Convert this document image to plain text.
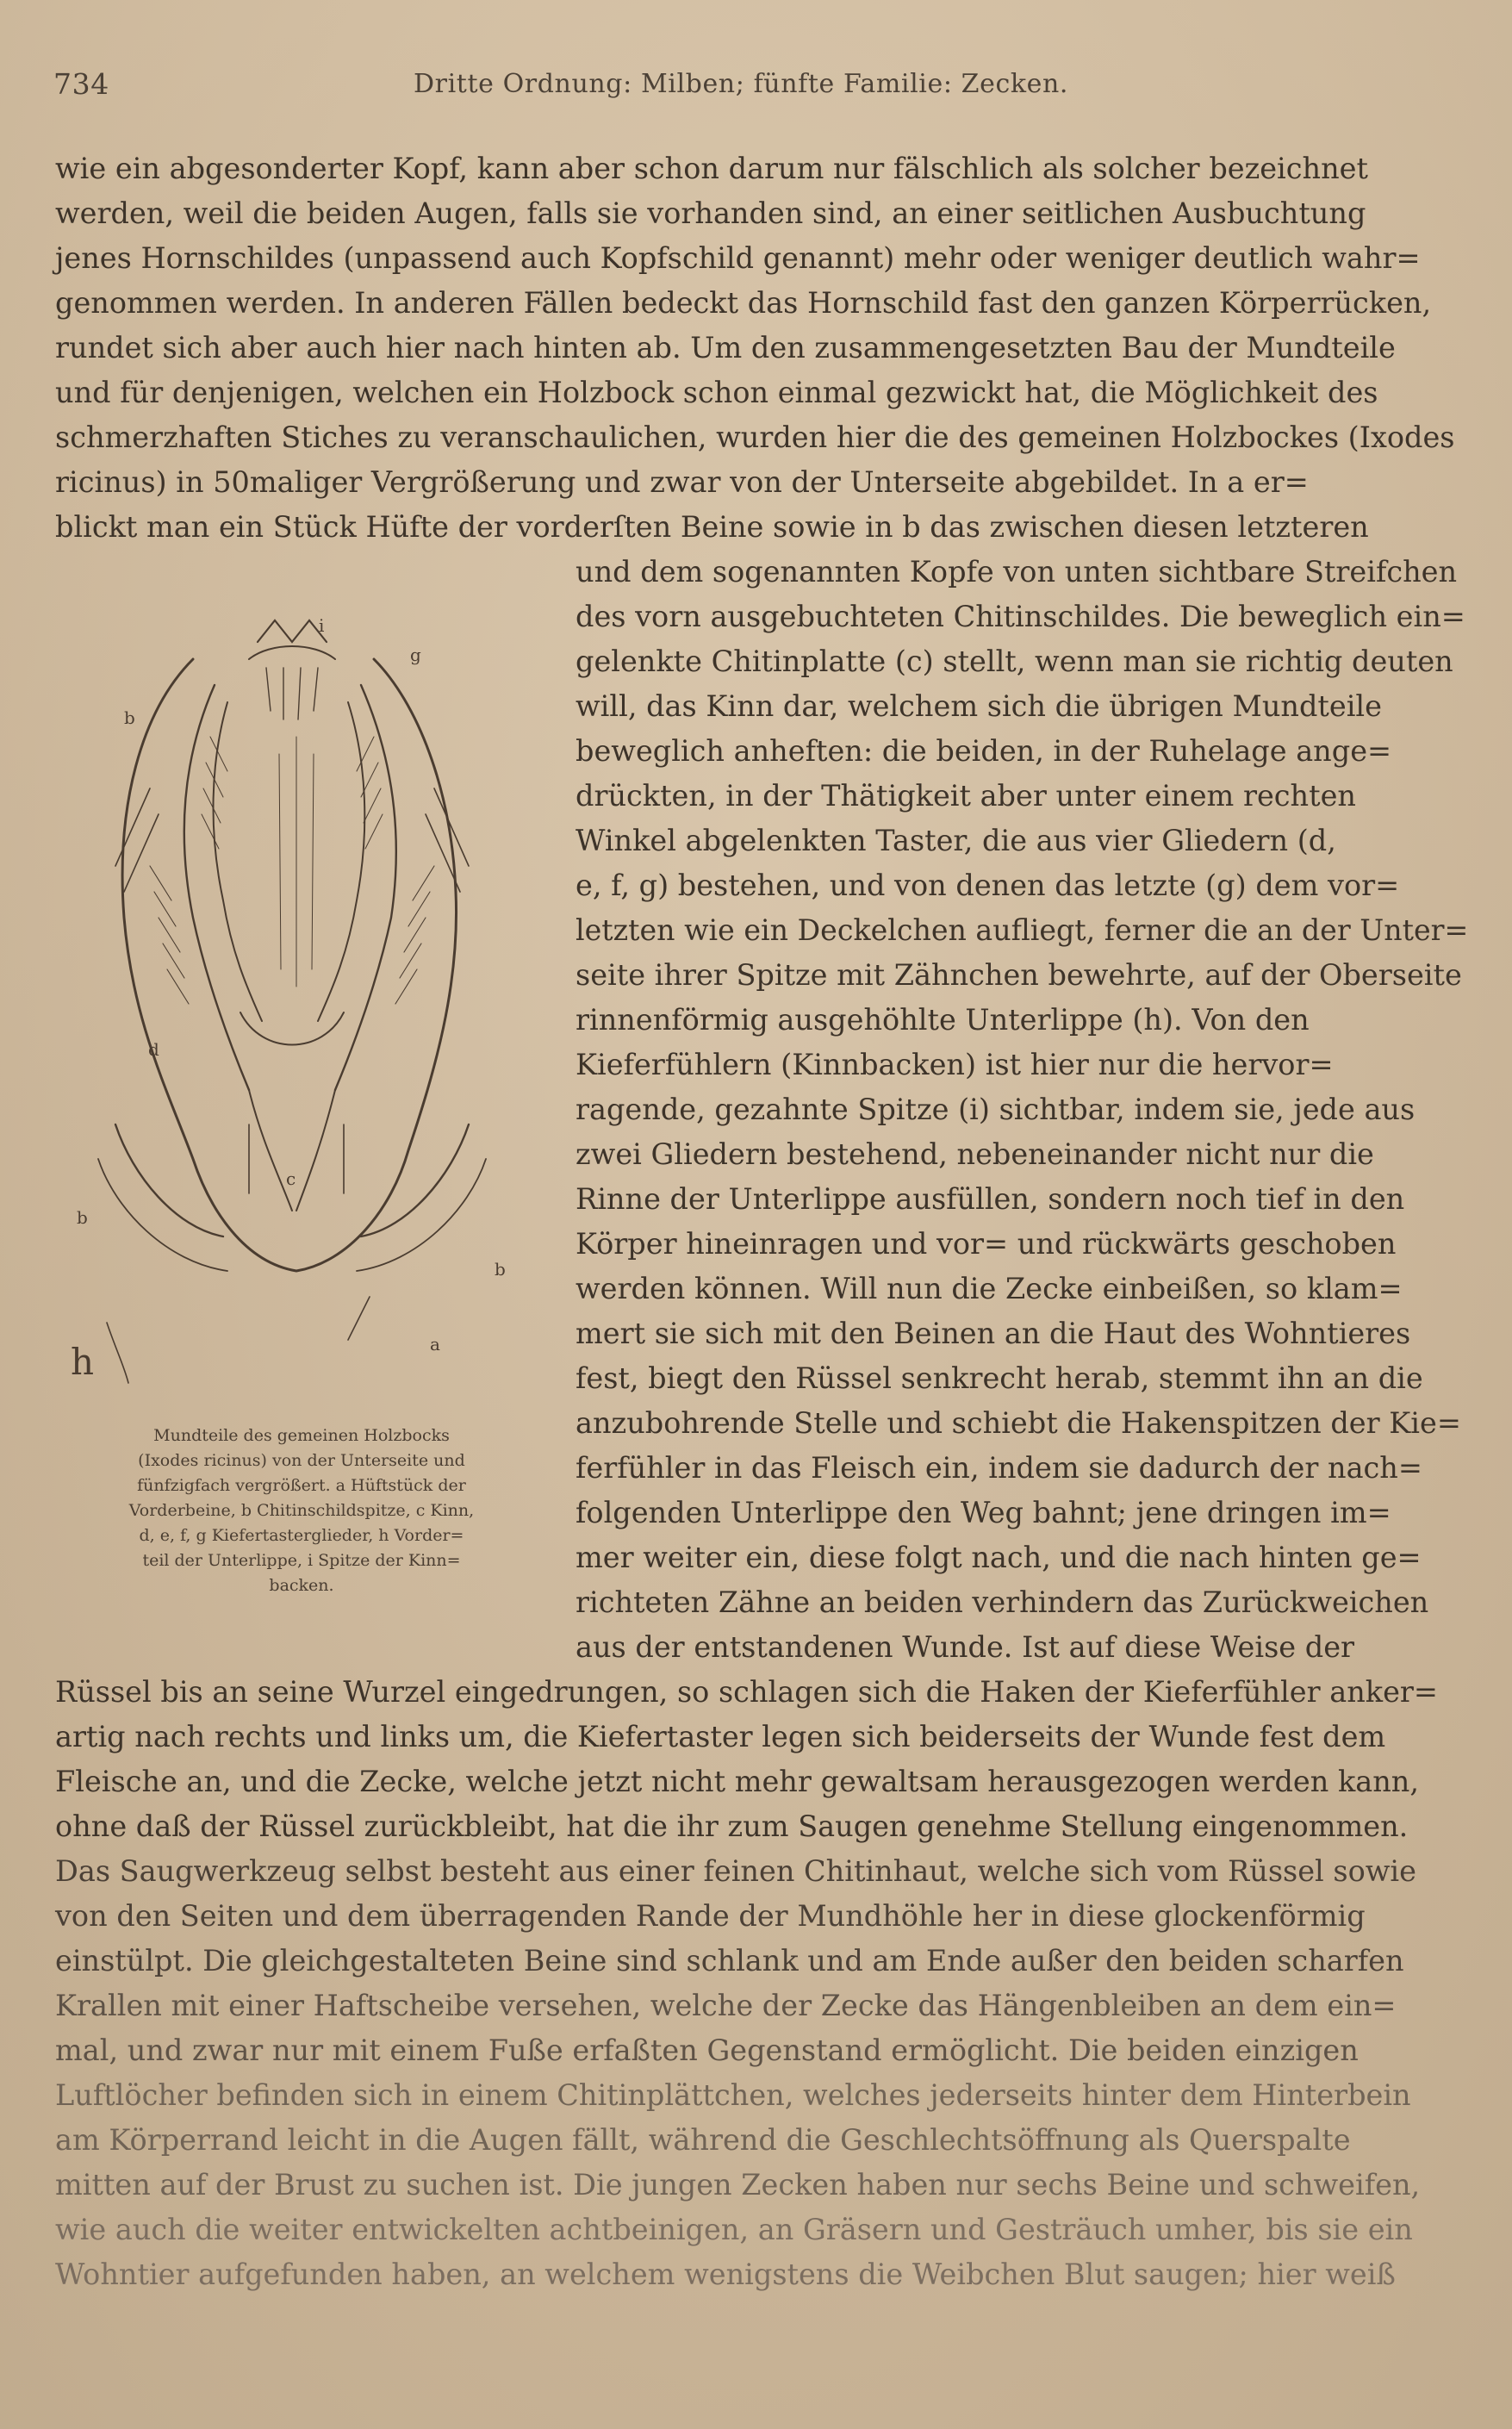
734	Dritte Ordnung: Milben; fünfte Familie: Zecken.
wie ein abgesonderter Kopf, kann aber schon darum nur fälschlich als solcher bezeichnet
werden, weil die beiden Augen, falls sie vorhanden sind, an einer seitlichen Ausbuchtung
jenes Hornschildes (unpassend auch Kopfschild genannt) mehr oder weniger deutlich wahr=
genommen werden. In anderen Fällen bedeckt das Hornschild fast den ganzen Körperrücken,
rundet sich aber auch hier nach hinten ab. Um den zusammengesetzten Bau der Mundteile
und für denjenigen, welchen ein Holzbock schon einmal gezwickt hat, die Möglichkeit des
schmerzhaften Stiches zu veranschaulichen, wurden hier die des gemeinen Holzbockes (Ixodes
ricinus) in 50maliger Vergrößerung und zwar von der Unterseite abgebildet. In a er=
blickt man ein Stück Hüfte der vorderſten Beine sowie in b das zwischen diesen letzteren
i
g
b
d
c
b
b
a
h
Mundteile des gemeinen Holzbocks
(Ixodes ricinus) von der Unterseite und
fünfzigfach vergrößert. a Hüftstück der
Vorderbeine, b Chitinschildspitze, c Kinn,
d, e, f, g Kiefertasterglieder, h Vorder=
teil der Unterlippe, i Spitze der Kinn=
backen.
und dem sogenannten Kopfe von unten sichtbare Streifchen
des vorn ausgebuchteten Chitinschildes. Die beweglich ein=
gelenkte Chitinplatte (c) stellt, wenn man sie richtig deuten
will, das Kinn dar, welchem sich die übrigen Mundteile
beweglich anheften: die beiden, in der Ruhelage ange=
drückten, in der Thätigkeit aber unter einem rechten
Winkel abgelenkten Taster, die aus vier Gliedern (d,
e, f, g) bestehen, und von denen das letzte (g) dem vor=
letzten wie ein Deckelchen aufliegt, ferner die an der Unter=
seite ihrer Spitze mit Zähnchen bewehrte, auf der Oberseite
rinnenförmig ausgehöhlte Unterlippe (h). Von den
Kieferfühlern (Kinnbacken) ist hier nur die hervor=
ragende, gezahnte Spitze (i) sichtbar, indem sie, jede aus
zwei Gliedern bestehend, nebeneinander nicht nur die
Rinne der Unterlippe ausfüllen, sondern noch tief in den
Körper hineinragen und vor= und rückwärts geschoben
werden können. Will nun die Zecke einbeißen, so klam=
mert sie sich mit den Beinen an die Haut des Wohntieres
fest, biegt den Rüssel senkrecht herab, stemmt ihn an die
anzubohrende Stelle und schiebt die Hakenspitzen der Kie=
ferfühler in das Fleisch ein, indem sie dadurch der nach=
folgenden Unterlippe den Weg bahnt; jene dringen im=
mer weiter ein, diese folgt nach, und die nach hinten ge=
richteten Zähne an beiden verhindern das Zurückweichen
aus der entstandenen Wunde. Ist auf diese Weise der
Rüssel bis an seine Wurzel eingedrungen, so schlagen sich die Haken der Kieferfühler anker=
artig nach rechts und links um, die Kiefertaster legen sich beiderseits der Wunde fest dem
Fleische an, und die Zecke, welche jetzt nicht mehr gewaltsam herausgezogen werden kann,
ohne daß der Rüssel zurückbleibt, hat die ihr zum Saugen genehme Stellung eingenommen.
Das Saugwerkzeug selbst besteht aus einer feinen Chitinhaut, welche sich vom Rüssel sowie
von den Seiten und dem überragenden Rande der Mundhöhle her in diese glockenförmig
einstülpt. Die gleichgestalteten Beine sind schlank und am Ende außer den beiden scharfen
Krallen mit einer Haftscheibe versehen, welche der Zecke das Hängenbleiben an dem ein=
mal, und zwar nur mit einem Fuße erfaßten Gegenstand ermöglicht. Die beiden einzigen
Luftlöcher befinden sich in einem Chitinplättchen, welches jederseits hinter dem Hinterbein
am Körperrand leicht in die Augen fällt, während die Geschlechtsöffnung als Querspalte
mitten auf der Brust zu suchen ist. Die jungen Zecken haben nur sechs Beine und schweifen,
wie auch die weiter entwickelten achtbeinigen, an Gräsern und Gesträuch umher, bis sie ein
Wohntier aufgefunden haben, an welchem wenigstens die Weibchen Blut saugen; hier weiß
